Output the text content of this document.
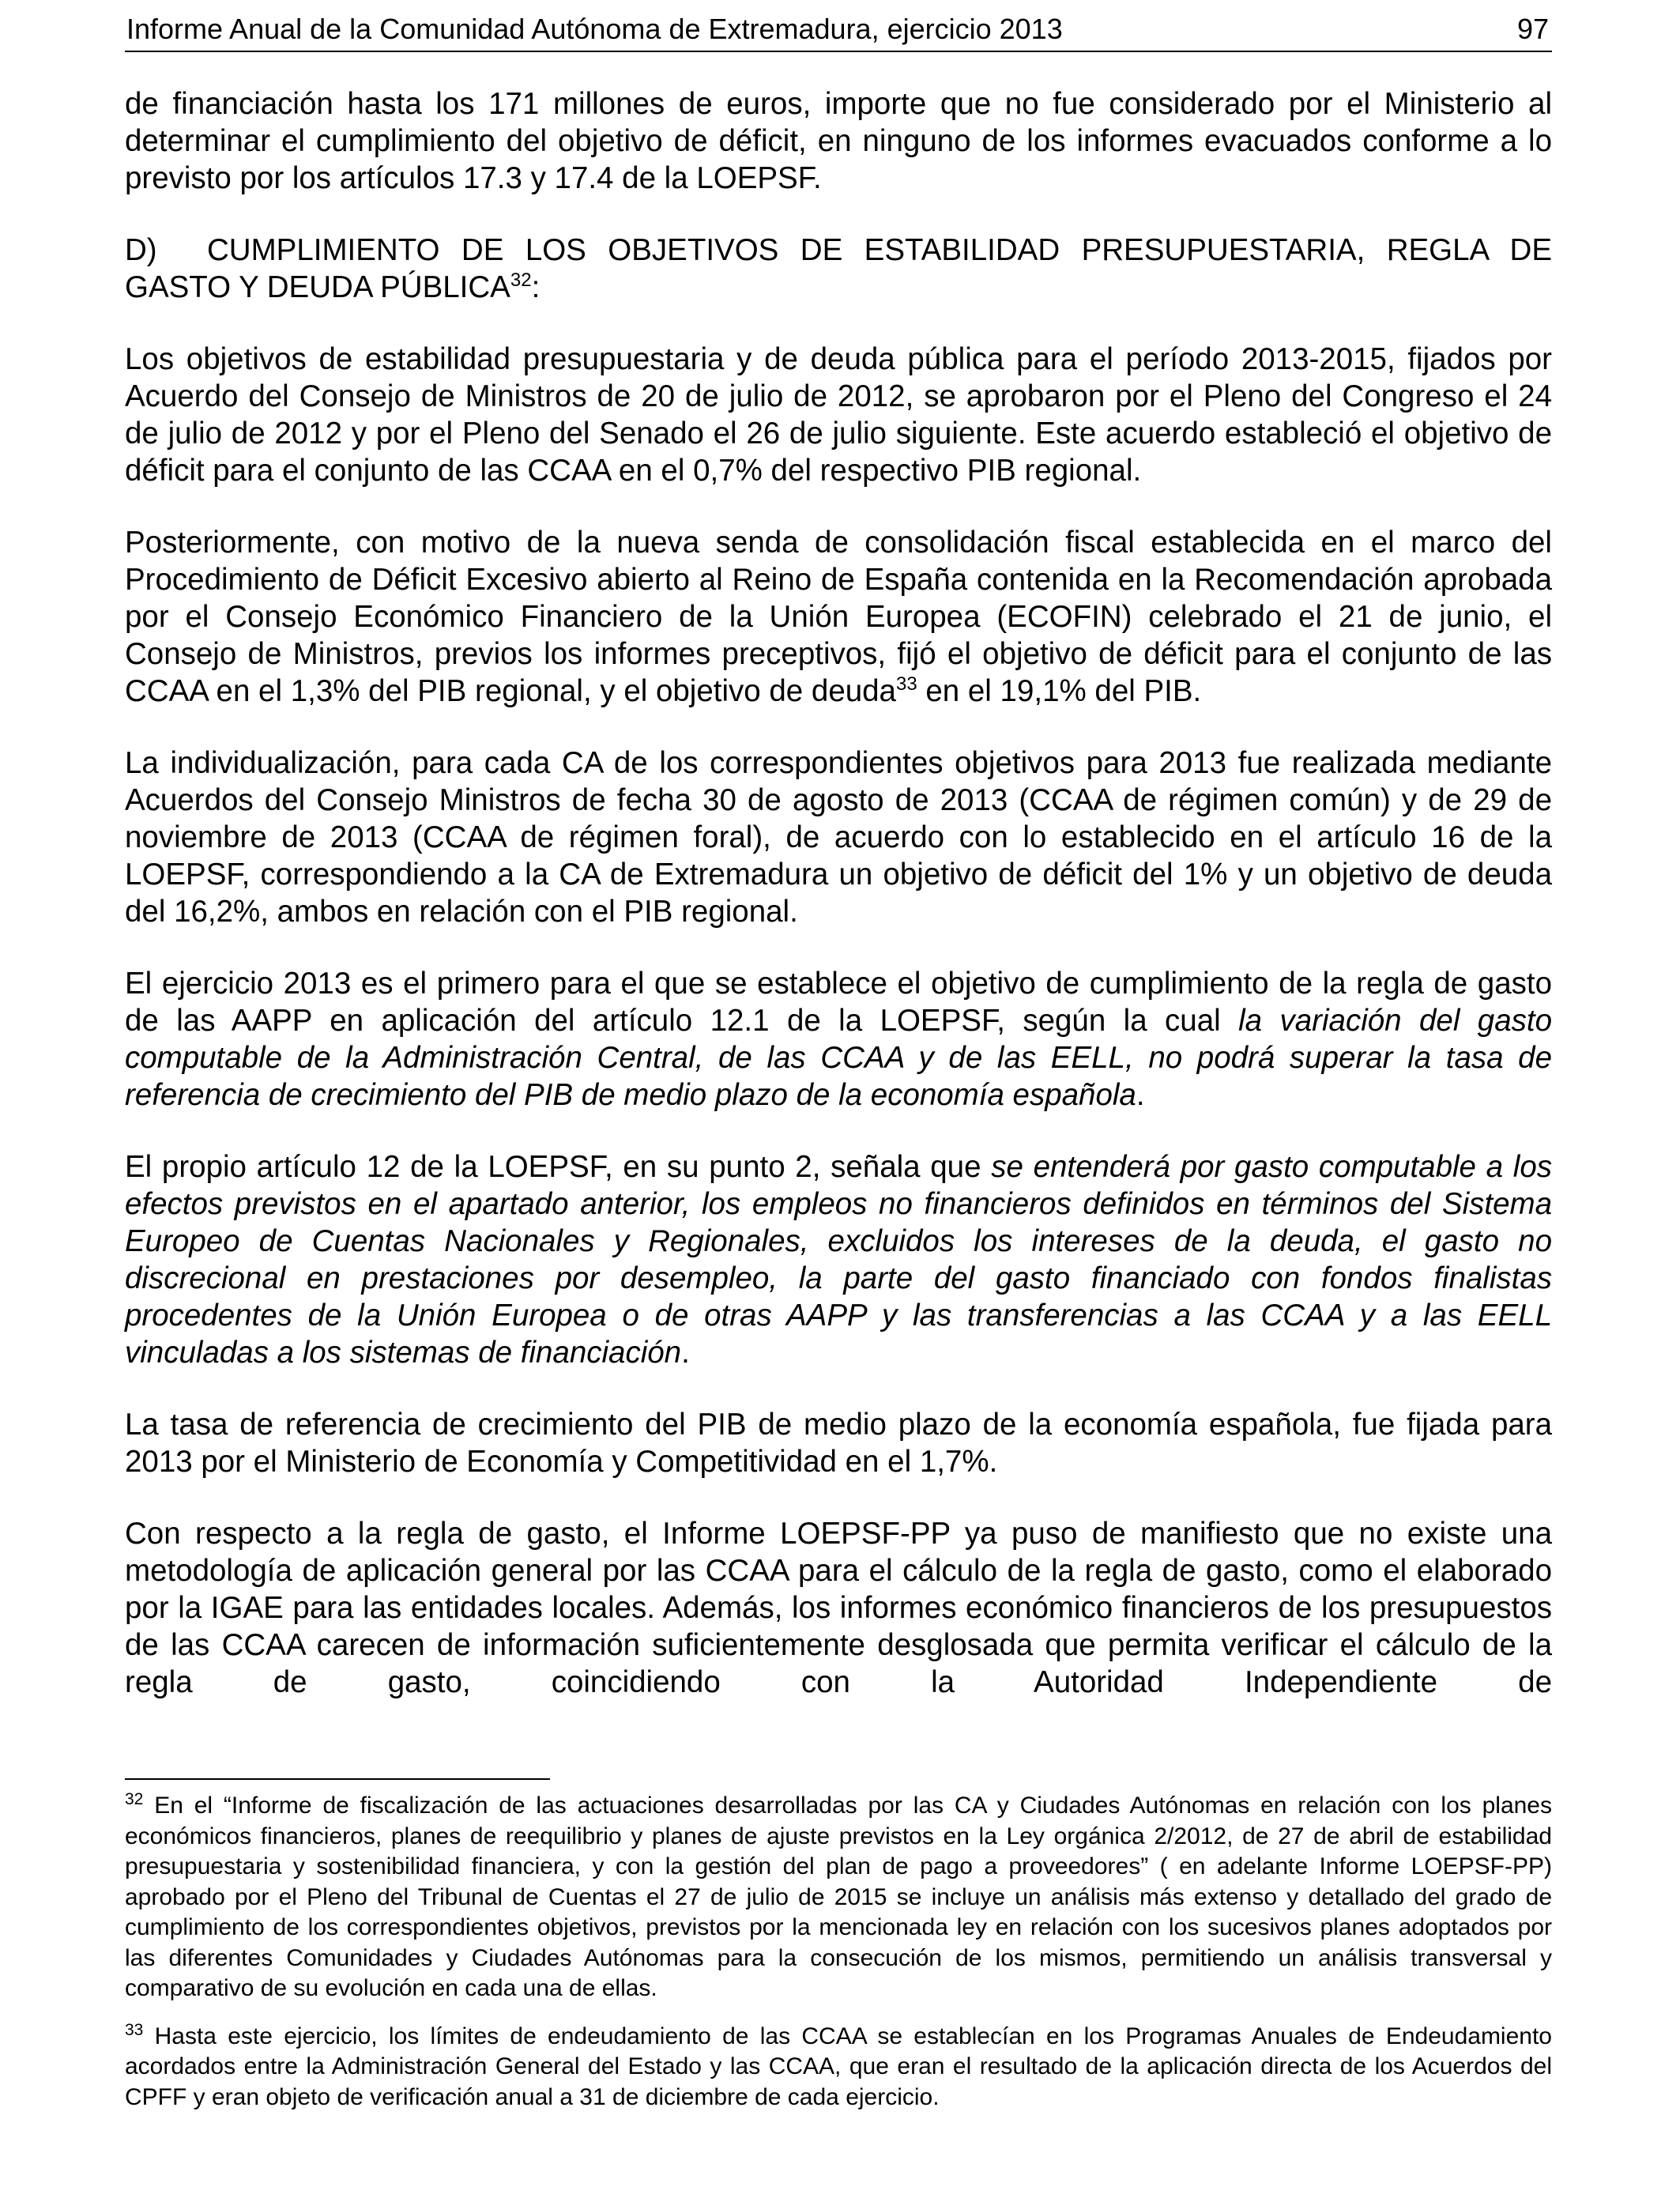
Informe Anual de la Comunidad Autónoma de Extremadura, ejercicio 2013	97

de financiación hasta los 171 millones de euros, importe que no fue considerado por el Ministerio al determinar el cumplimiento del objetivo de déficit, en ninguno de los informes evacuados conforme a lo previsto por los artículos 17.3 y 17.4 de la LOEPSF.

D) CUMPLIMIENTO DE LOS OBJETIVOS DE ESTABILIDAD PRESUPUESTARIA, REGLA DE GASTO Y DEUDA PÚBLICA$^{32}$:

Los objetivos de estabilidad presupuestaria y de deuda pública para el período 2013-2015, fijados por Acuerdo del Consejo de Ministros de 20 de julio de 2012, se aprobaron por el Pleno del Congreso el 24 de julio de 2012 y por el Pleno del Senado el 26 de julio siguiente. Este acuerdo estableció el objetivo de déficit para el conjunto de las CCAA en el 0,7% del respectivo PIB regional.

Posteriormente, con motivo de la nueva senda de consolidación fiscal establecida en el marco del Procedimiento de Déficit Excesivo abierto al Reino de España contenida en la Recomendación aprobada por el Consejo Económico Financiero de la Unión Europea (ECOFIN) celebrado el 21 de junio, el Consejo de Ministros, previos los informes preceptivos, fijó el objetivo de déficit para el conjunto de las CCAA en el 1,3% del PIB regional, y el objetivo de deuda$^{33}$ en el 19,1% del PIB.

La individualización, para cada CA de los correspondientes objetivos para 2013 fue realizada mediante Acuerdos del Consejo Ministros de fecha 30 de agosto de 2013 (CCAA de régimen común) y de 29 de noviembre de 2013 (CCAA de régimen foral), de acuerdo con lo establecido en el artículo 16 de la LOEPSF, correspondiendo a la CA de Extremadura un objetivo de déficit del 1% y un objetivo de deuda del 16,2%, ambos en relación con el PIB regional.

El ejercicio 2013 es el primero para el que se establece el objetivo de cumplimiento de la regla de gasto de las AAPP en aplicación del artículo 12.1 de la LOEPSF, según la cual la variación del gasto computable de la Administración Central, de las CCAA y de las EELL, no podrá superar la tasa de referencia de crecimiento del PIB de medio plazo de la economía española.

El propio artículo 12 de la LOEPSF, en su punto 2, señala que se entenderá por gasto computable a los efectos previstos en el apartado anterior, los empleos no financieros definidos en términos del Sistema Europeo de Cuentas Nacionales y Regionales, excluidos los intereses de la deuda, el gasto no discrecional en prestaciones por desempleo, la parte del gasto financiado con fondos finalistas procedentes de la Unión Europea o de otras AAPP y las transferencias a las CCAA y a las EELL vinculadas a los sistemas de financiación.

La tasa de referencia de crecimiento del PIB de medio plazo de la economía española, fue fijada para 2013 por el Ministerio de Economía y Competitividad en el 1,7%.

Con respecto a la regla de gasto, el Informe LOEPSF-PP ya puso de manifiesto que no existe una metodología de aplicación general por las CCAA para el cálculo de la regla de gasto, como el elaborado por la IGAE para las entidades locales. Además, los informes económico financieros de los presupuestos de las CCAA carecen de información suficientemente desglosada que permita verificar el cálculo de la regla de gasto, coincidiendo con la Autoridad Independiente de

$^{32}$ En el “Informe de fiscalización de las actuaciones desarrolladas por las CA y Ciudades Autónomas en relación con los planes económicos financieros, planes de reequilibrio y planes de ajuste previstos en la Ley orgánica 2/2012, de 27 de abril de estabilidad presupuestaria y sostenibilidad financiera, y con la gestión del plan de pago a proveedores” ( en adelante Informe LOEPSF-PP) aprobado por el Pleno del Tribunal de Cuentas el 27 de julio de 2015 se incluye un análisis más extenso y detallado del grado de cumplimiento de los correspondientes objetivos, previstos por la mencionada ley en relación con los sucesivos planes adoptados por las diferentes Comunidades y Ciudades Autónomas para la consecución de los mismos, permitiendo un análisis transversal y comparativo de su evolución en cada una de ellas.

$^{33}$ Hasta este ejercicio, los límites de endeudamiento de las CCAA se establecían en los Programas Anuales de Endeudamiento acordados entre la Administración General del Estado y las CCAA, que eran el resultado de la aplicación directa de los Acuerdos del CPFF y eran objeto de verificación anual a 31 de diciembre de cada ejercicio.
